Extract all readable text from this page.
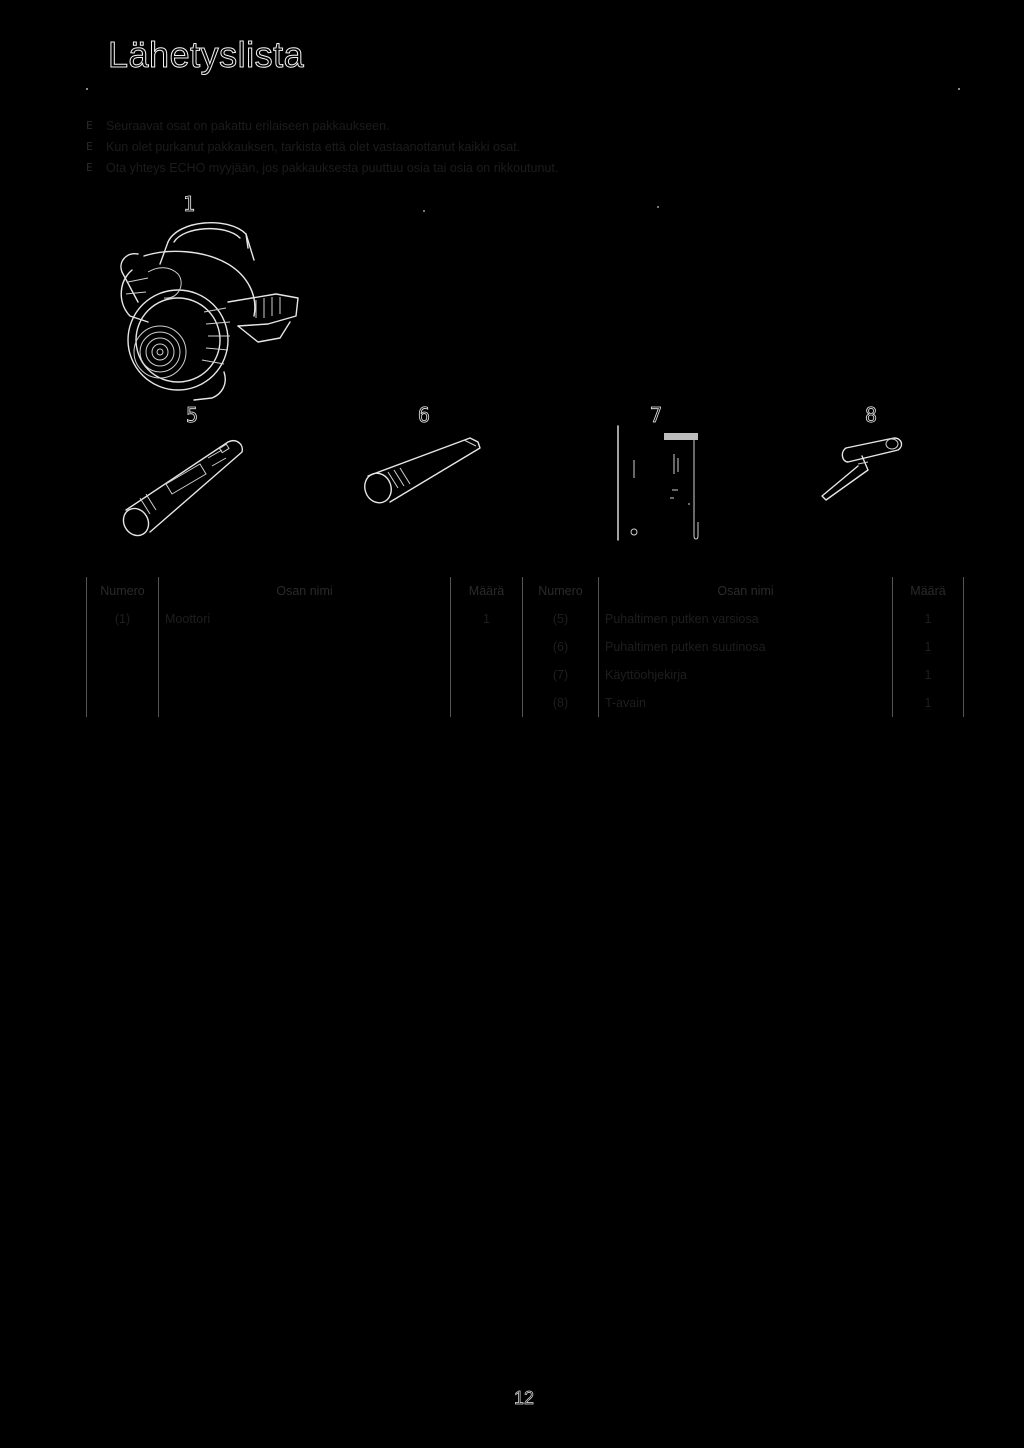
Lähetyslista
E	Seuraavat osat on pakattu erilaiseen pakkaukseen.
E	Kun olet purkanut pakkauksen, tarkista että olet vastaanottanut kaikki osat.
E	Ota yhteys ECHO myyjään, jos pakkauksesta puuttuu osia tai osia on rikkoutunut.
1
5	6	7	8
Numero	Osan nimi	Määrä	Numero	Osan nimi	Määrä
(1)	Moottori	1	(5)	Puhaltimen putken varsiosa	1
			(6)	Puhaltimen putken suutinosa	1
			(7)	Käyttöohjekirja	1
			(8)	T-avain	1
12
